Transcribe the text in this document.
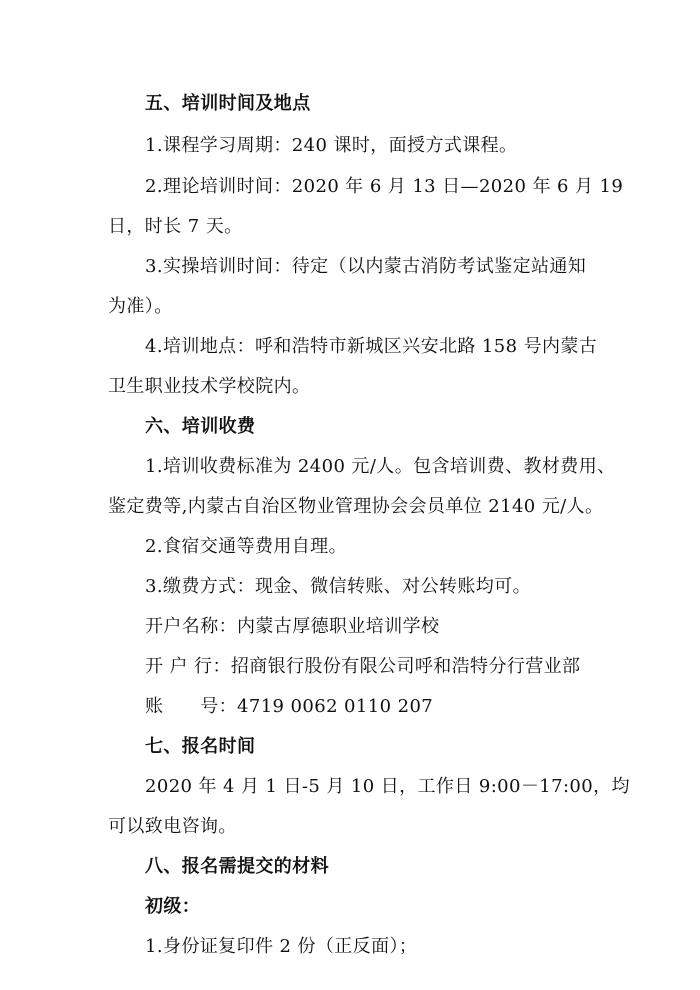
五、培训时间及地点
1.课程学习周期：240 课时，面授方式课程。
2.理论培训时间：2020 年 6 月 13 日—2020 年 6 月 19
日，时长 7 天。
3.实操培训时间：待定（以内蒙古消防考试鉴定站通知
为准）。
4.培训地点：呼和浩特市新城区兴安北路 158 号内蒙古
卫生职业技术学校院内。
六、培训收费
1.培训收费标准为 2400 元/人。包含培训费、教材费用、
鉴定费等,内蒙古自治区物业管理协会会员单位 2140 元/人。
2.食宿交通等费用自理。
3.缴费方式：现金、微信转账、对公转账均可。
开户名称：内蒙古厚德职业培训学校
开 户 行：招商银行股份有限公司呼和浩特分行营业部
账　　号：4719 0062 0110 207
七、报名时间
2020 年 4 月 1 日-5 月 10 日，工作日 9:00－17:00，均
可以致电咨询。
八、报名需提交的材料
初级：
1.身份证复印件 2 份（正反面）；
